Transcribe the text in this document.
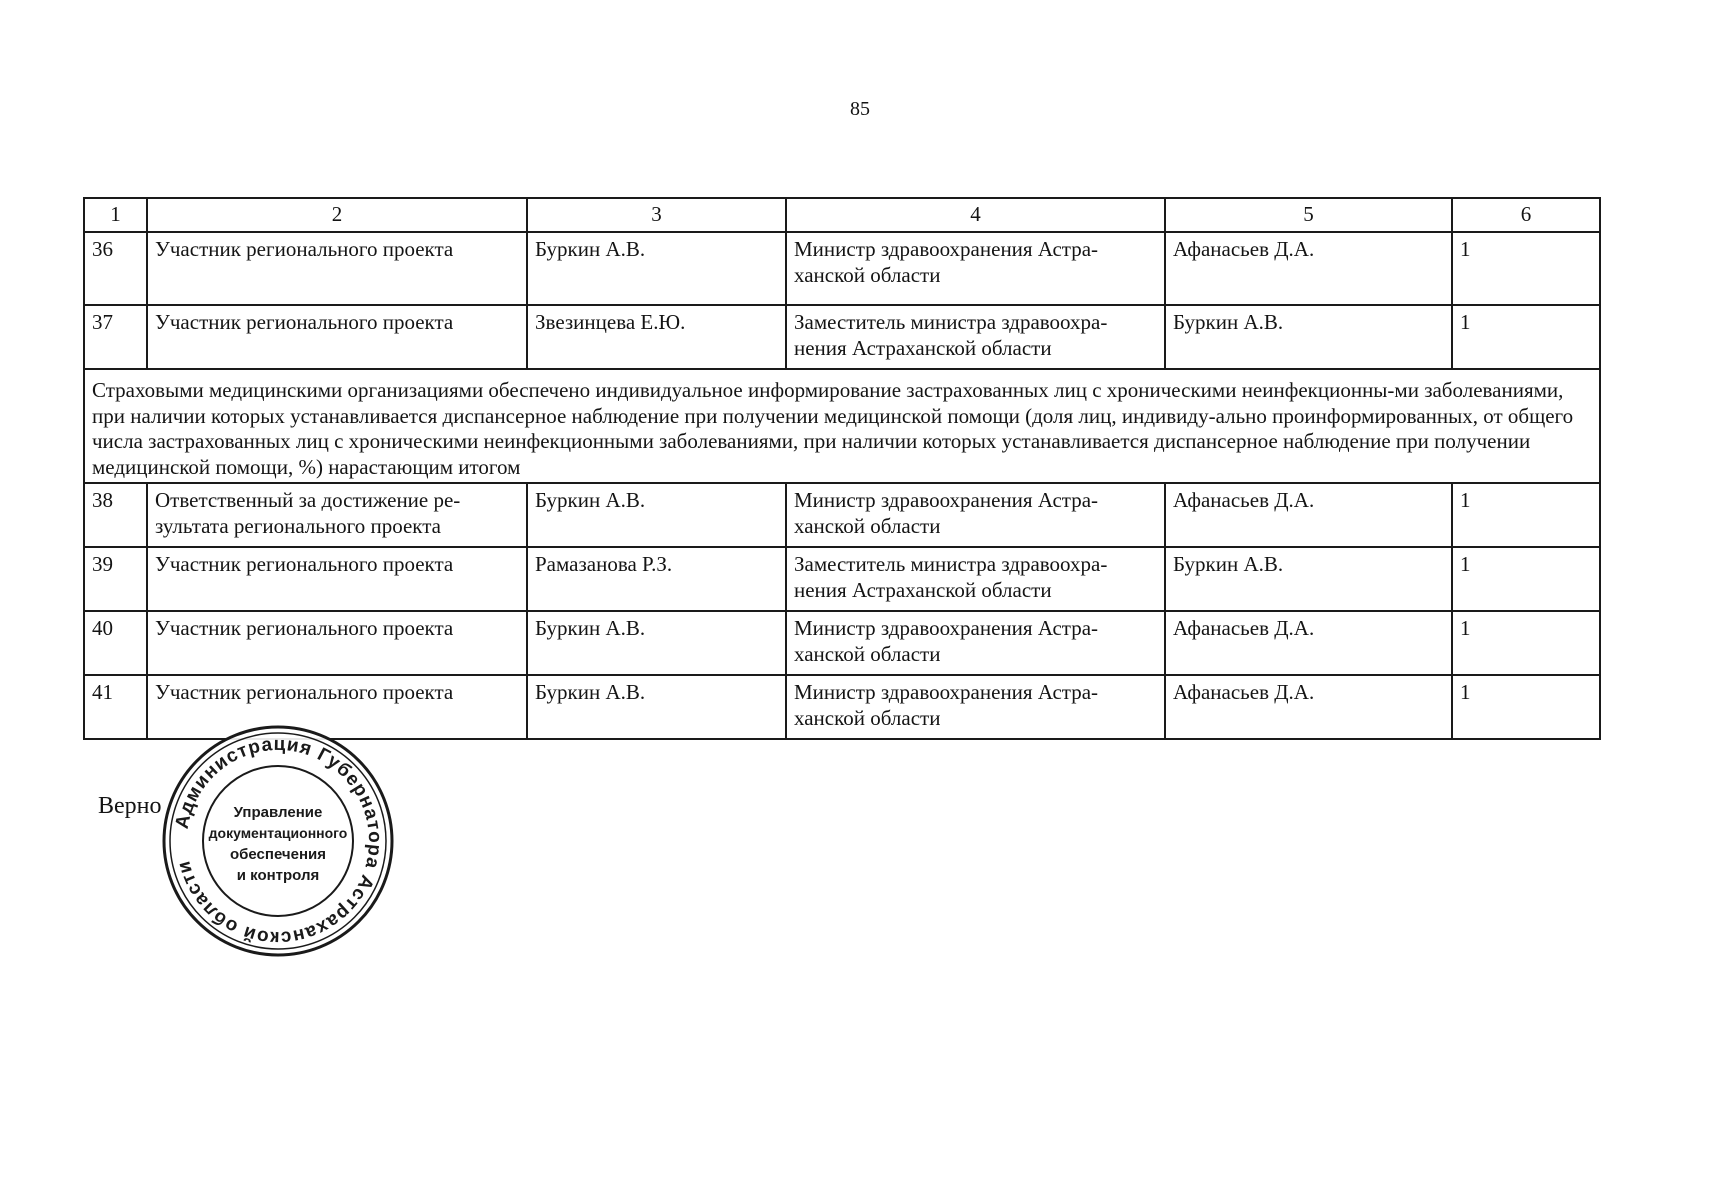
85
1	2	3	4	5	6
36	Участник регионального проекта	Буркин А.В.	Министр здравоохранения Астра-ханской области	Афанасьев Д.А.	1
37	Участник регионального проекта	Звезинцева Е.Ю.	Заместитель министра здравоохра-нения Астраханской области	Буркин А.В.	1
Страховыми медицинскими организациями обеспечено индивидуальное информирование застрахованных лиц с хроническими неинфекционны-ми заболеваниями, при наличии которых устанавливается диспансерное наблюдение при получении медицинской помощи (доля лиц, индивиду-ально проинформированных, от общего числа застрахованных лиц с хроническими неинфекционными заболеваниями, при наличии которых устанавливается диспансерное наблюдение при получении медицинской помощи, %) нарастающим итогом					
38	Ответственный за достижение ре-зультата регионального проекта	Буркин А.В.	Министр здравоохранения Астра-ханской области	Афанасьев Д.А.	1
39	Участник регионального проекта	Рамазанова Р.З.	Заместитель министра здравоохра-нения Астраханской области	Буркин А.В.	1
40	Участник регионального проекта	Буркин А.В.	Министр здравоохранения Астра-ханской области	Афанасьев Д.А.	1
41	Участник регионального проекта	Буркин А.В.	Министр здравоохранения Астра-ханской области	Афанасьев Д.А.	1
Верно
Администрация Губернатора Астраханской области
Управление
документационного
обеспечения
и контроля
